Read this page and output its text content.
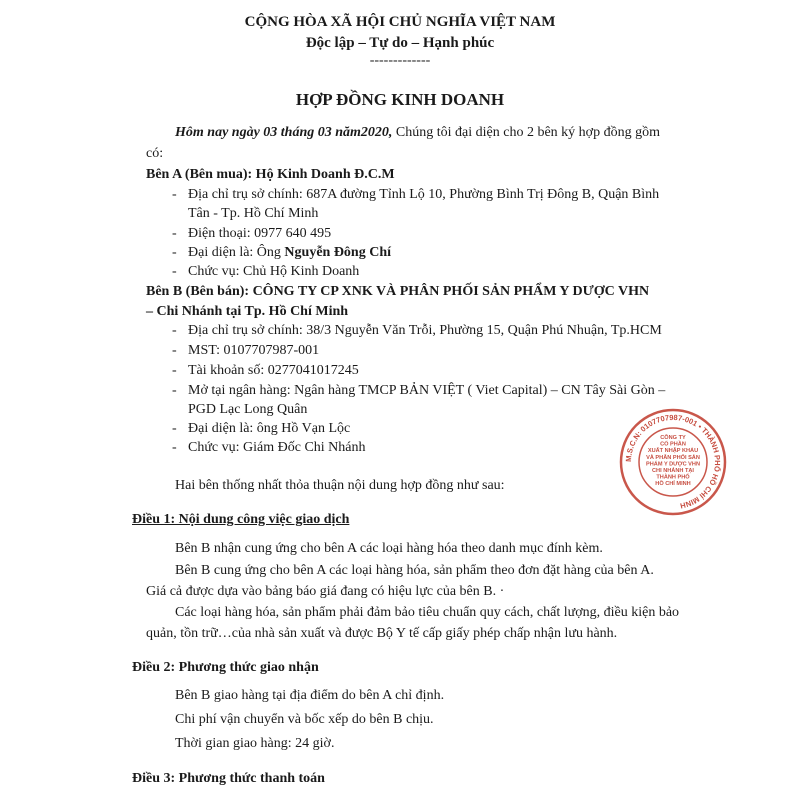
CỘNG HÒA XÃ HỘI CHỦ NGHĨA VIỆT NAM
Độc lập – Tự do – Hạnh phúc
-------------
HỢP ĐỒNG KINH DOANH
Hôm nay ngày 03 tháng 03 năm2020, Chúng tôi đại diện cho 2 bên ký hợp đồng gồm
có:
Bên A (Bên mua): Hộ Kinh Doanh Đ.C.M
- Địa chỉ trụ sở chính: 687A đường Tỉnh Lộ 10, Phường Bình Trị Đông B, Quận Bình
Tân - Tp. Hồ Chí Minh
- Điện thoại: 0977 640 495
- Đại diện là: Ông Nguyễn Đông Chí
- Chức vụ: Chủ Hộ Kinh Doanh
Bên B (Bên bán): CÔNG TY CP XNK VÀ PHÂN PHỐI SẢN PHẨM Y DƯỢC VHN
– Chi Nhánh tại Tp. Hồ Chí Minh
- Địa chỉ trụ sở chính: 38/3 Nguyễn Văn Trỗi, Phường 15, Quận Phú Nhuận, Tp.HCM
- MST: 0107707987-001
- Tài khoản số: 0277041017245
- Mở tại ngân hàng: Ngân hàng TMCP BẢN VIỆT ( Viet Capital) – CN Tây Sài Gòn –
PGD Lạc Long Quân
- Đại diện là: ông Hồ Vạn Lộc
- Chức vụ: Giám Đốc Chi Nhánh
Hai bên thống nhất thỏa thuận nội dung hợp đồng như sau:
Điều 1: Nội dung công việc giao dịch
Bên B nhận cung ứng cho bên A các loại hàng hóa theo danh mục đính kèm.
Bên B cung ứng cho bên A các loại hàng hóa, sản phẩm theo đơn đặt hàng của bên A.
Giá cả được dựa vào bảng báo giá đang có hiệu lực của bên B. ·
Các loại hàng hóa, sản phẩm phải đảm bảo tiêu chuẩn quy cách, chất lượng, điều kiện bảo
quản, tồn trữ…của nhà sản xuất và được Bộ Y tế cấp giấy phép chấp nhận lưu hành.
Điều 2: Phương thức giao nhận
Bên B giao hàng tại địa điểm do bên A chỉ định.
Chi phí vận chuyển và bốc xếp do bên B chịu.
Thời gian giao hàng: 24 giờ.
Điều 3: Phương thức thanh toán
M.S.C.N: 0107707987-001 • THÀNH PHỐ HỒ CHÍ MINH
CÔNG TY
CỔ PHẦN
XUẤT NHẬP KHẨU
VÀ PHÂN PHỐI SẢN
PHẨM Y DƯỢC VHN
CHI NHÁNH TẠI
THÀNH PHỐ
HỒ CHÍ MINH
